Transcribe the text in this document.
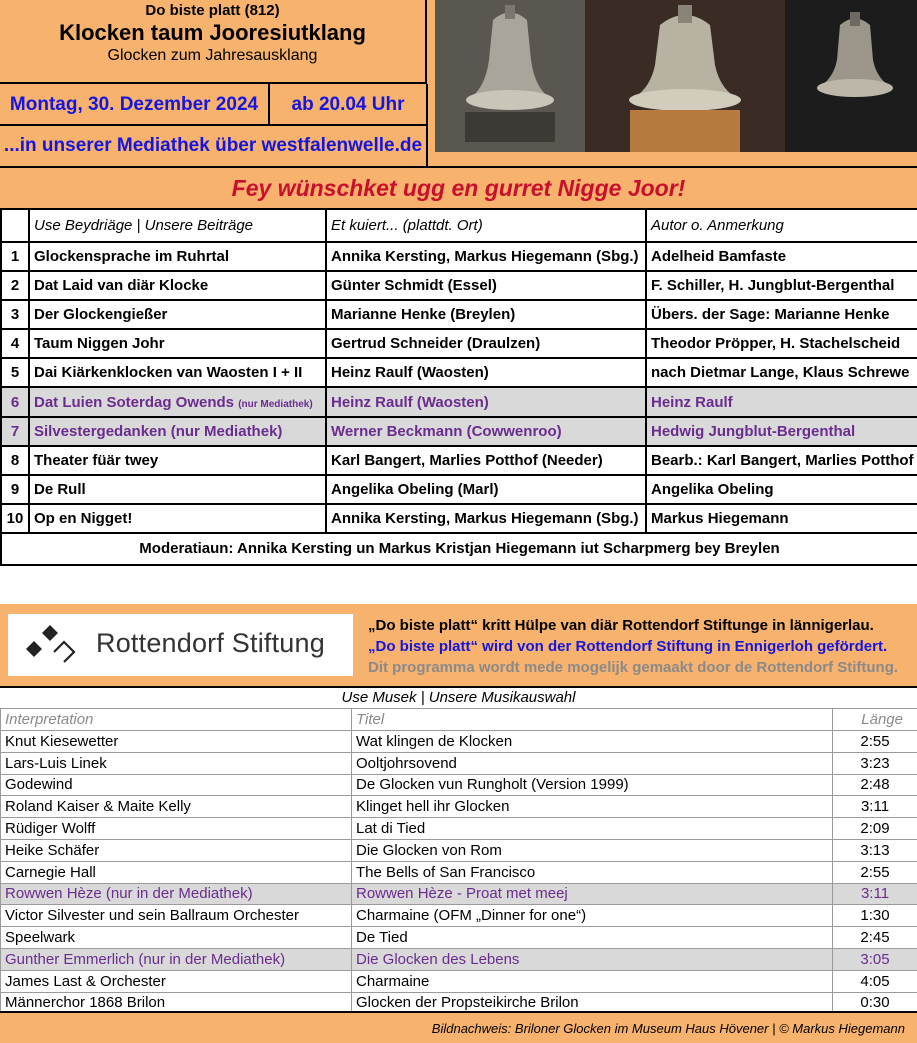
Do biste platt (812)
Klocken taum Jooresiutklang
Glocken zum Jahresausklang
Montag, 30. Dezember 2024	ab 20.04 Uhr
...in unserer Mediathek über westfalenwelle.de
Fey wünschket ugg en gurret Nigge Joor!
	Use Beydriäge | Unsere Beiträge	Et kuiert... (plattdt. Ort)	Autor o. Anmerkung
1	Glockensprache im Ruhrtal	Annika Kersting, Markus Hiegemann (Sbg.)	Adelheid Bamfaste
2	Dat Laid van diär Klocke	Günter Schmidt (Essel)	F. Schiller, H. Jungblut-Bergenthal
3	Der Glockengießer	Marianne Henke (Breylen)	Übers. der Sage: Marianne Henke
4	Taum Niggen Johr	Gertrud Schneider (Draulzen)	Theodor Pröpper, H. Stachelscheid
5	Dai Kiärkenklocken van Waosten I + II	Heinz Raulf (Waosten)	nach Dietmar Lange, Klaus Schrewe
6	Dat Luien Soterdag Owends (nur Mediathek)	Heinz Raulf (Waosten)	Heinz Raulf
7	Silvestergedanken (nur Mediathek)	Werner Beckmann (Cowwenroo)	Hedwig Jungblut-Bergenthal
8	Theater füär twey	Karl Bangert, Marlies Potthof (Needer)	Bearb.: Karl Bangert, Marlies Potthof
9	De Rull	Angelika Obeling (Marl)	Angelika Obeling
10	Op en Nigget!	Annika Kersting, Markus Hiegemann (Sbg.)	Markus Hiegemann
Moderatiaun: Annika Kersting un Markus Kristjan Hiegemann iut Scharpmerg bey Breylen			
Rottendorf Stiftung
„Do biste platt“ kritt Hülpe van diär Rottendorf Stiftunge in lännigerlau.
„Do biste platt“ wird von der Rottendorf Stiftung in Ennigerloh gefördert.
Dit programma wordt mede mogelijk gemaakt door de Rottendorf Stiftung.
Use Musek | Unsere Musikauswahl
Interpretation	Titel	Länge
Knut Kiesewetter	Wat klingen de Klocken	2:55
Lars-Luis Linek	Ooltjohrsovend	3:23
Godewind	De Glocken vun Rungholt (Version 1999)	2:48
Roland Kaiser & Maite Kelly	Klinget hell ihr Glocken	3:11
Rüdiger Wolff	Lat di Tied	2:09
Heike Schäfer	Die Glocken von Rom	3:13
Carnegie Hall	The Bells of San Francisco	2:55
Rowwen Hèze (nur in der Mediathek)	Rowwen Hèze - Proat met meej	3:11
Victor Silvester und sein Ballraum Orchester	Charmaine (OFM „Dinner for one“)	1:30
Speelwark	De Tied	2:45
Gunther Emmerlich (nur in der Mediathek)	Die Glocken des Lebens	3:05
James Last & Orchester	Charmaine	4:05
Männerchor 1868 Brilon	Glocken der Propsteikirche Brilon	0:30
Bildnachweis: Briloner Glocken im Museum Haus Hövener | © Markus Hiegemann
